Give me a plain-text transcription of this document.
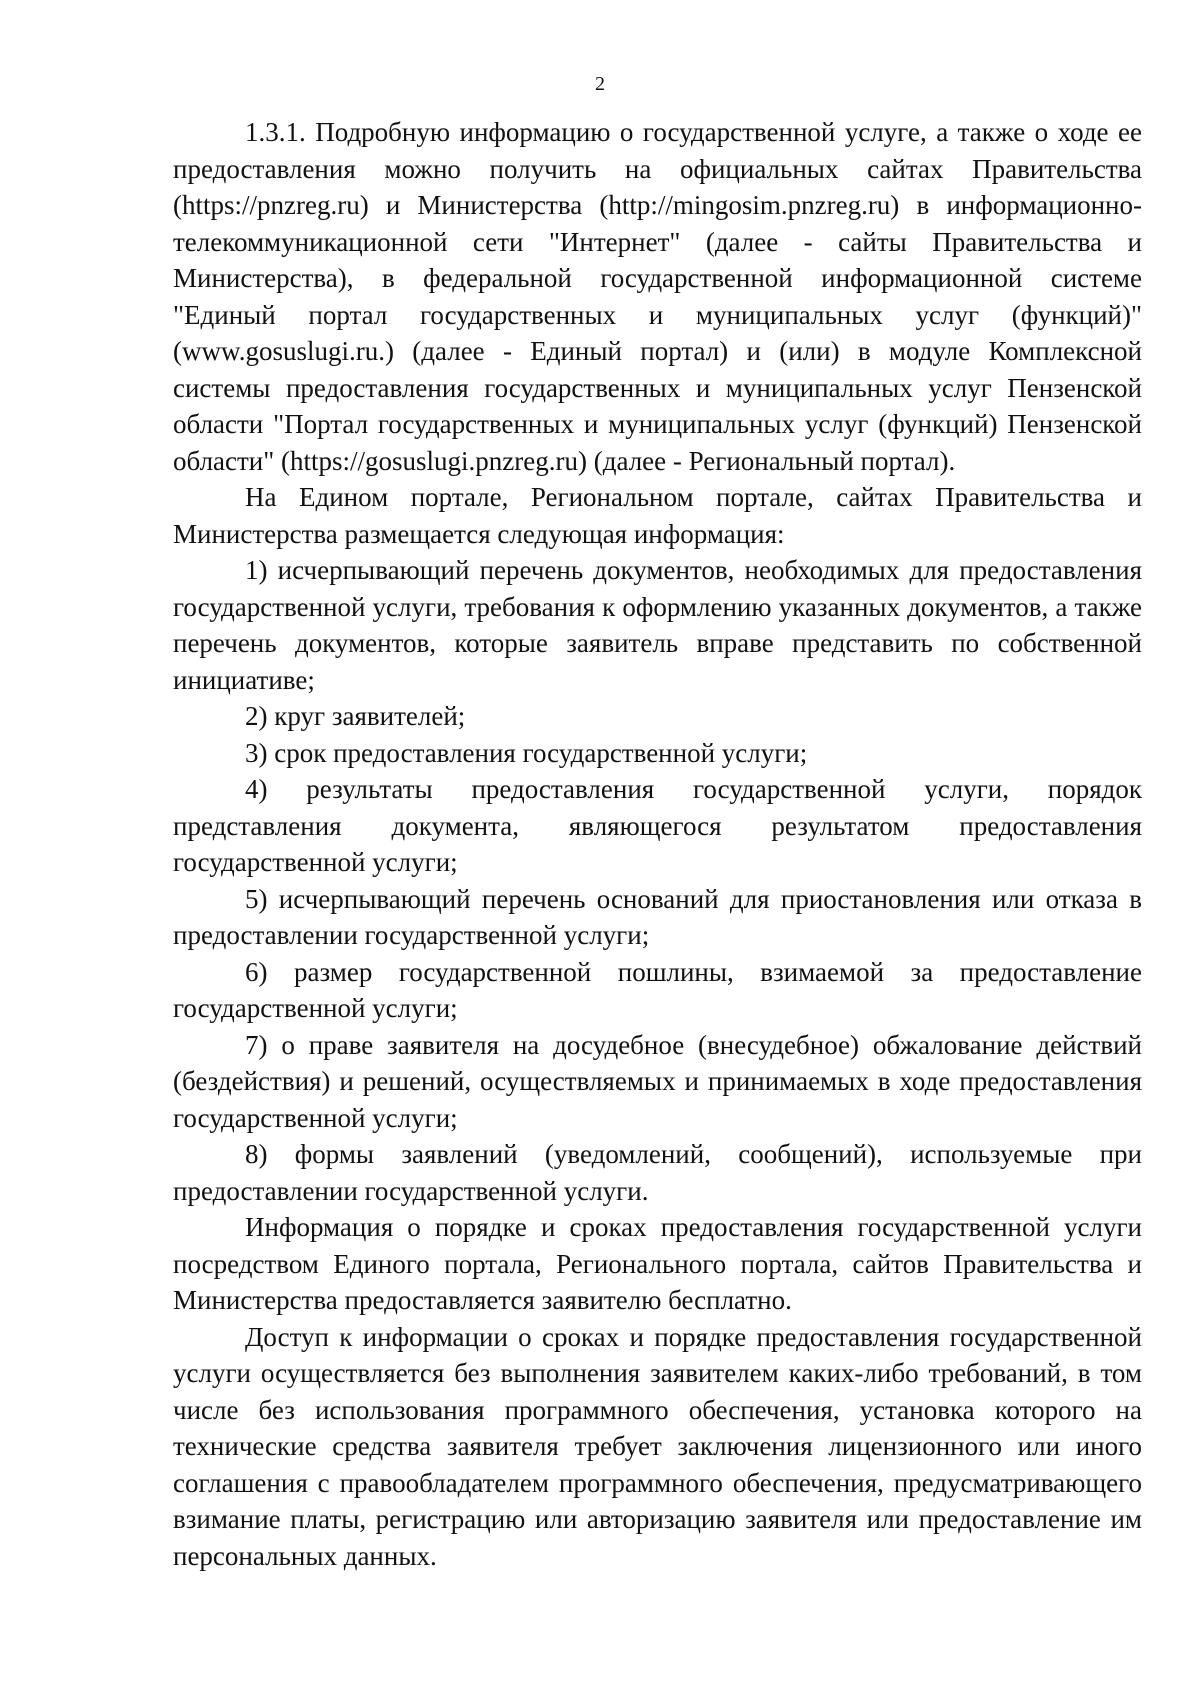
2

1.3.1. Подробную информацию о государственной услуге, а также о ходе ее предоставления можно получить на официальных сайтах Правительства (https://pnzreg.ru) и Министерства (http://mingosim.pnzreg.ru) в информационно-телекоммуникационной сети "Интернет" (далее - сайты Правительства и Министерства), в федеральной государственной информационной системе "Единый портал государственных и муниципальных услуг (функций)" (www.gosuslugi.ru.) (далее - Единый портал) и (или) в модуле Комплексной системы предоставления государственных и муниципальных услуг Пензенской области "Портал государственных и муниципальных услуг (функций) Пензенской области" (https://gosuslugi.pnzreg.ru) (далее - Региональный портал).

На Едином портале, Региональном портале, сайтах Правительства и Министерства размещается следующая информация:

1) исчерпывающий перечень документов, необходимых для предоставления государственной услуги, требования к оформлению указанных документов, а также перечень документов, которые заявитель вправе представить по собственной инициативе;

2) круг заявителей;

3) срок предоставления государственной услуги;

4) результаты предоставления государственной услуги, порядок представления документа, являющегося результатом предоставления государственной услуги;

5) исчерпывающий перечень оснований для приостановления или отказа в предоставлении государственной услуги;

6) размер государственной пошлины, взимаемой за предоставление государственной услуги;

7) о праве заявителя на досудебное (внесудебное) обжалование действий (бездействия) и решений, осуществляемых и принимаемых в ходе предоставления государственной услуги;

8) формы заявлений (уведомлений, сообщений), используемые при предоставлении государственной услуги.

Информация о порядке и сроках предоставления государственной услуги посредством Единого портала, Регионального портала, сайтов Правительства и Министерства предоставляется заявителю бесплатно.

Доступ к информации о сроках и порядке предоставления государственной услуги осуществляется без выполнения заявителем каких-либо требований, в том числе без использования программного обеспечения, установка которого на технические средства заявителя требует заключения лицензионного или иного соглашения с правообладателем программного обеспечения, предусматривающего взимание платы, регистрацию или авторизацию заявителя или предоставление им персональных данных.
